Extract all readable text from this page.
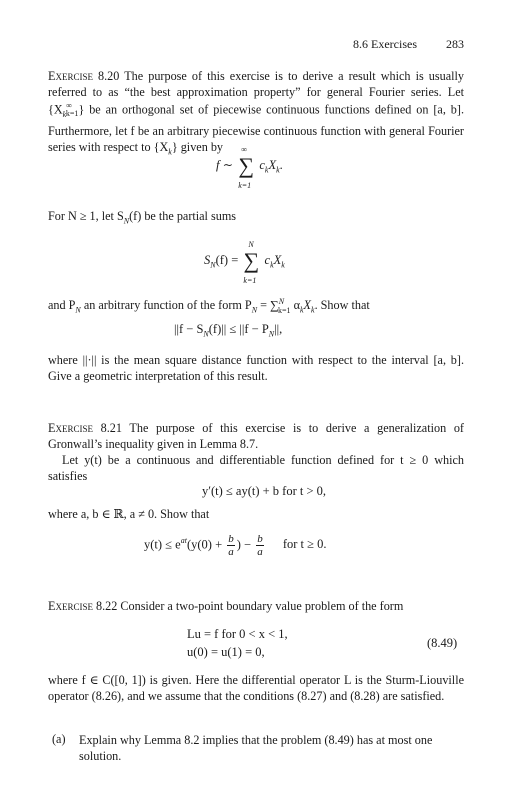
8.6 Exercises 283
Exercise 8.20 The purpose of this exercise is to derive a result which is usually referred to as “the best approximation property” for general Fourier series. Let $\{X_k^\infty_{k=1}\}$ be an orthogonal set of piecewise continuous functions defined on [a, b]. Furthermore, let f be an arbitrary piecewise continuous function with general Fourier series with respect to $\{X_k\}$ given by
f ∼
∞
∑
k=1
$c_kX_k$.
For N ≥ 1, let $S_N(f)$ be the partial sums
$S_N(f)$ =
N
∑
k=1
$c_kX_k$
and $P_N$ an arbitrary function of the form $P_N = \sum^N_{k=1}$ $\alpha_kX_k$. Show that
$||f - S_N(f)|| \le ||f - P_N||$,
where ||·|| is the mean square distance function with respect to the interval [a, b]. Give a geometric interpretation of this result.
Exercise 8.21 The purpose of this exercise is to derive a generalization of Gronwall’s inequality given in Lemma 8.7.
Let y(t) be a continuous and differentiable function defined for t ≥ 0 which satisfies
y′(t) ≤ ay(t) + b for t > 0,
where a, b ∈ ℝ, a ≠ 0. Show that
$y(t) \le e^{at}(y(0) + \frac{b}{a}$ ) − $\frac{b}{a}$ for t ≥ 0.
Exercise 8.22 Consider a two-point boundary value problem of the form
Lu = f for 0 < x < 1,
u(0) = u(1) = 0,
(8.49)
where f ∈ C([0, 1]) is given. Here the differential operator L is the Sturm-Liouville operator (8.26), and we assume that the conditions (8.27) and (8.28) are satisfied.
(a) Explain why Lemma 8.2 implies that the problem (8.49) has at most one solution.
